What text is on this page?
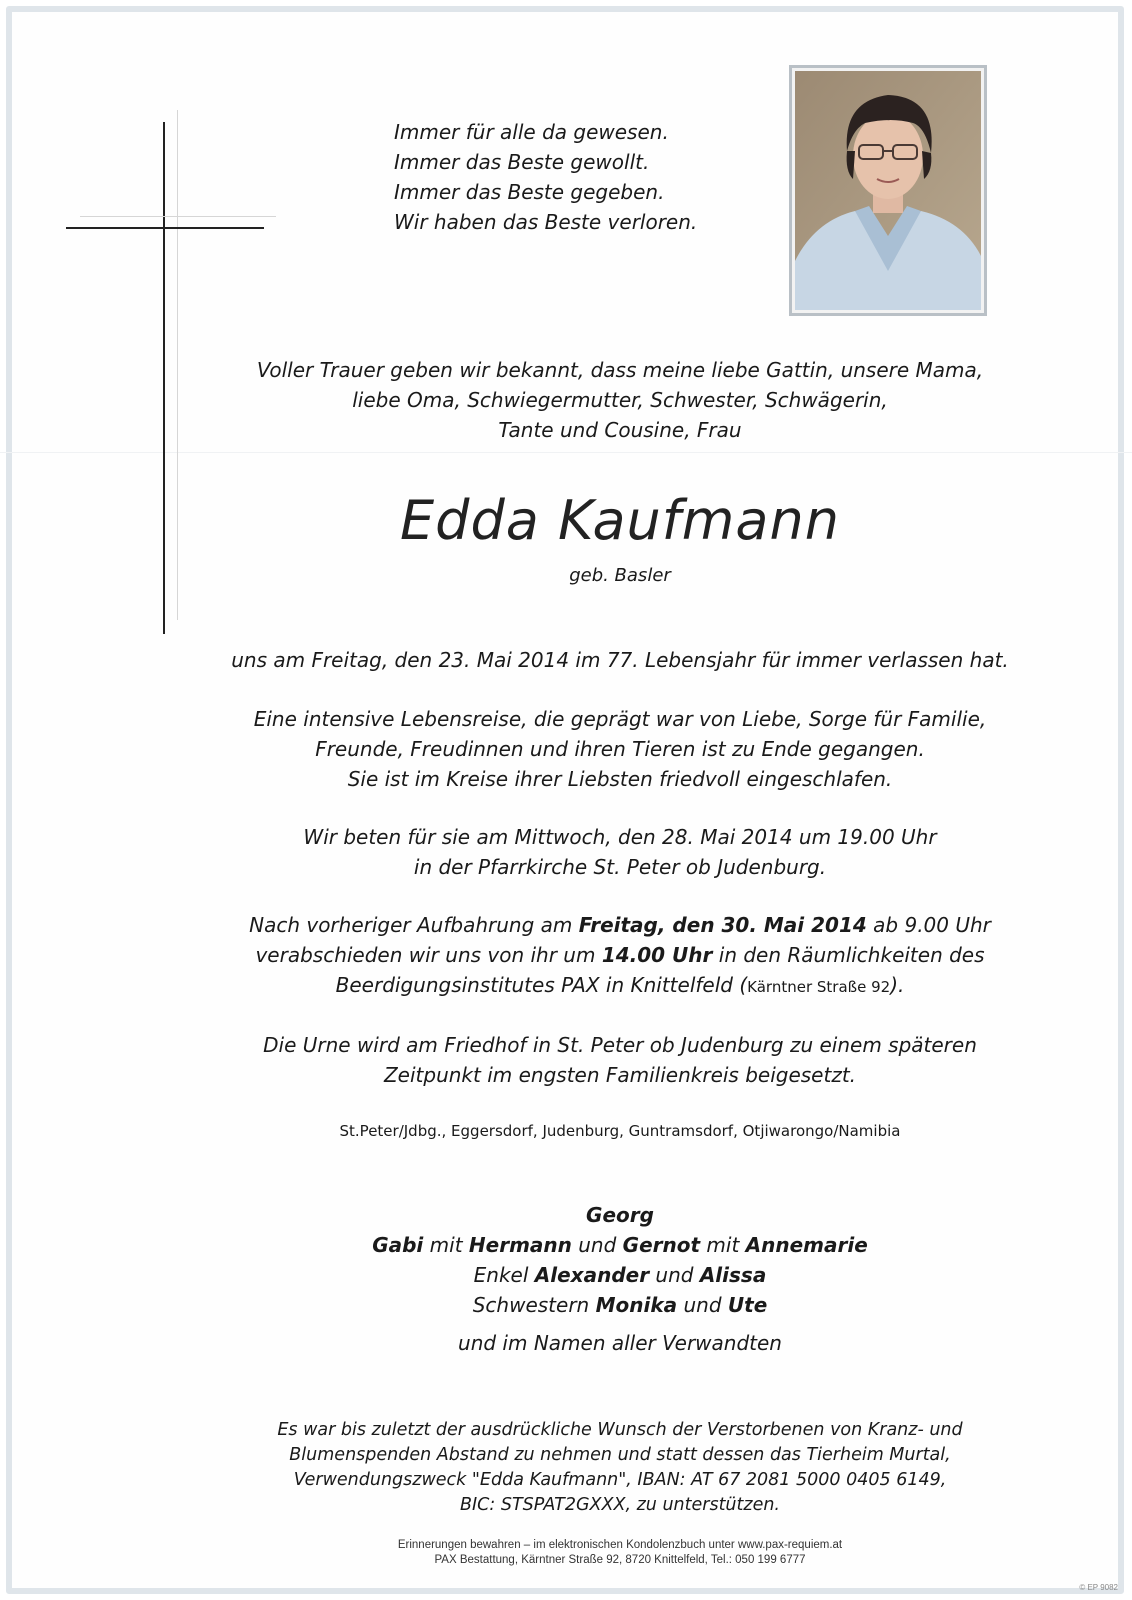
Immer für alle da gewesen.
Immer das Beste gewollt.
Immer das Beste gegeben.
Wir haben das Beste verloren.
Voller Trauer geben wir bekannt, dass meine liebe Gattin, unsere Mama,
liebe Oma, Schwiegermutter, Schwester, Schwägerin,
Tante und Cousine, Frau
Edda Kaufmann
geb. Basler
uns am Freitag, den 23. Mai 2014 im 77. Lebensjahr für immer verlassen hat.
Eine intensive Lebensreise, die geprägt war von Liebe, Sorge für Familie,
Freunde, Freudinnen und ihren Tieren ist zu Ende gegangen.
Sie ist im Kreise ihrer Liebsten friedvoll eingeschlafen.
Wir beten für sie am Mittwoch, den 28. Mai 2014 um 19.00 Uhr
in der Pfarrkirche St. Peter ob Judenburg.
Nach vorheriger Aufbahrung am Freitag, den 30. Mai 2014 ab 9.00 Uhr
verabschieden wir uns von ihr um 14.00 Uhr in den Räumlichkeiten des
Beerdigungsinstitutes PAX in Knittelfeld (Kärntner Straße 92).
Die Urne wird am Friedhof in St. Peter ob Judenburg zu einem späteren
Zeitpunkt im engsten Familienkreis beigesetzt.
St.Peter/Jdbg., Eggersdorf, Judenburg, Guntramsdorf, Otjiwarongo/Namibia
Georg
Gabi mit Hermann und Gernot mit Annemarie
Enkel Alexander und Alissa
Schwestern Monika und Ute
und im Namen aller Verwandten
Es war bis zuletzt der ausdrückliche Wunsch der Verstorbenen von Kranz- und
Blumenspenden Abstand zu nehmen und statt dessen das Tierheim Murtal,
Verwendungszweck "Edda Kaufmann", IBAN: AT 67 2081 5000 0405 6149,
BIC: STSPAT2GXXX, zu unterstützen.
Erinnerungen bewahren – im elektronischen Kondolenzbuch unter www.pax-requiem.at
PAX Bestattung, Kärntner Straße 92, 8720 Knittelfeld, Tel.: 050 199 6777
© EP 9082
